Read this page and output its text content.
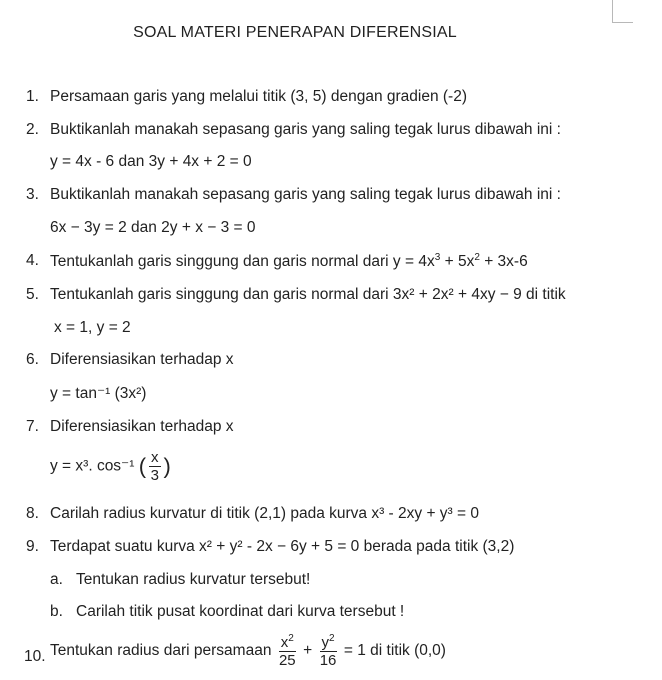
SOAL MATERI PENERAPAN DIFERENSIAL
1. Persamaan garis yang melalui titik (3, 5) dengan gradien (-2)
2. Buktikanlah manakah sepasang garis yang saling tegak lurus dibawah ini :
y = 4x - 6 dan 3y + 4x + 2 = 0
3. Buktikanlah manakah sepasang garis yang saling tegak lurus dibawah ini :
6x − 3y = 2 dan 2y + x − 3 = 0
4. Tentukanlah garis singgung dan garis normal dari $y = 4x^3 + 5x^2 + 3x-6$
5. Tentukanlah garis singgung dan garis normal dari 3x² + 2x² + 4xy − 9 di titik
x = 1, y = 2
6. Diferensiasikan terhadap x
y = tan⁻¹ (3x²)
7. Diferensiasikan terhadap x
y = x³. cos⁻¹ ( $\frac{x}{3}$ )
8. Carilah radius kurvatur di titik (2,1) pada kurva x³ - 2xy + y³ = 0
9. Terdapat suatu kurva x² + y² - 2x − 6y + 5 = 0 berada pada titik (3,2)
a. Tentukan radius kurvatur tersebut!
b. Carilah titik pusat koordinat dari kurva tersebut !
10. Tentukan radius dari persamaan $\frac{x^2}{25} + \frac{y^2}{16} = 1$ di titik (0,0)
